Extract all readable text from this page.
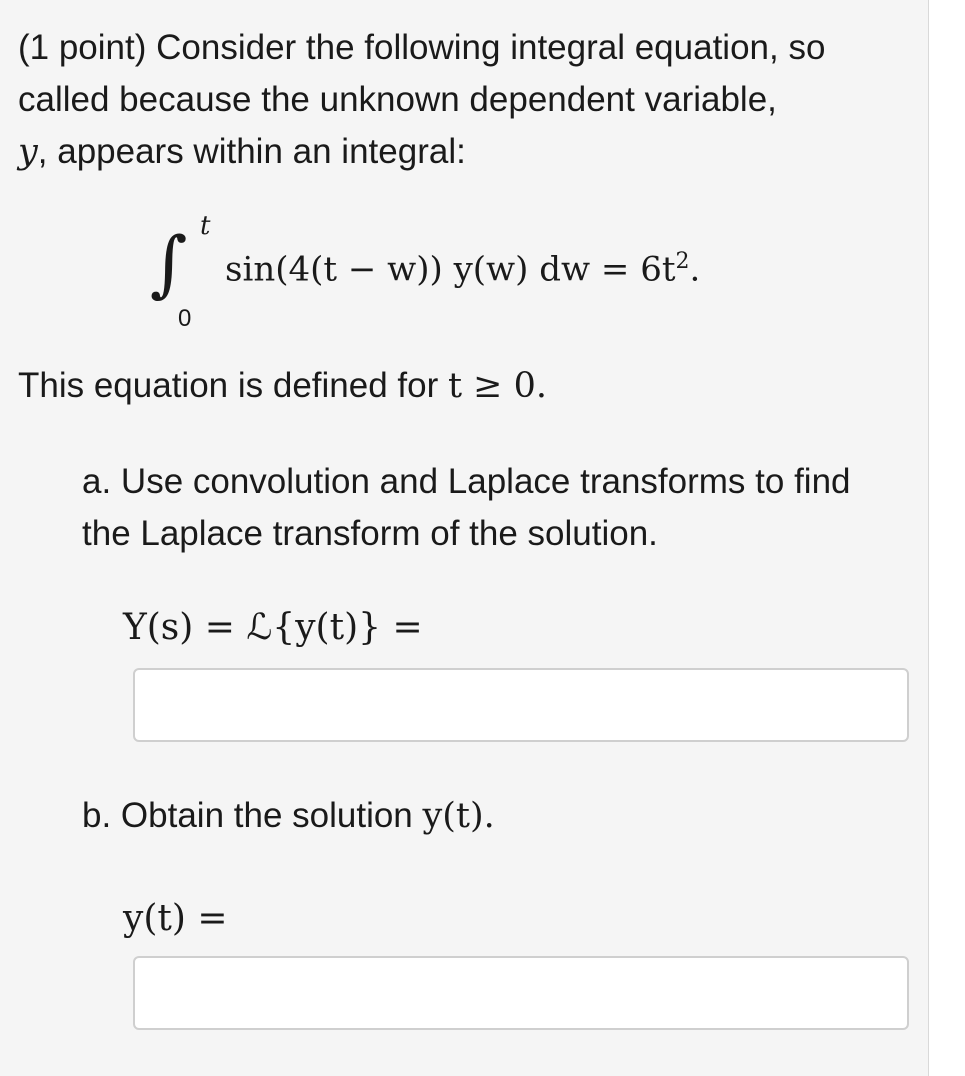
(1 point) Consider the following integral equation, so called because the unknown dependent variable,
y, appears within an integral:

∫ t
0
sin(4(t − w)) y(w) dw = $6t^2$.

This equation is defined for t ≥ 0.

a. Use convolution and Laplace transforms to find the Laplace transform of the solution.

Y(s) = ℒ{y(t)} =

b. Obtain the solution y(t).

y(t) =
